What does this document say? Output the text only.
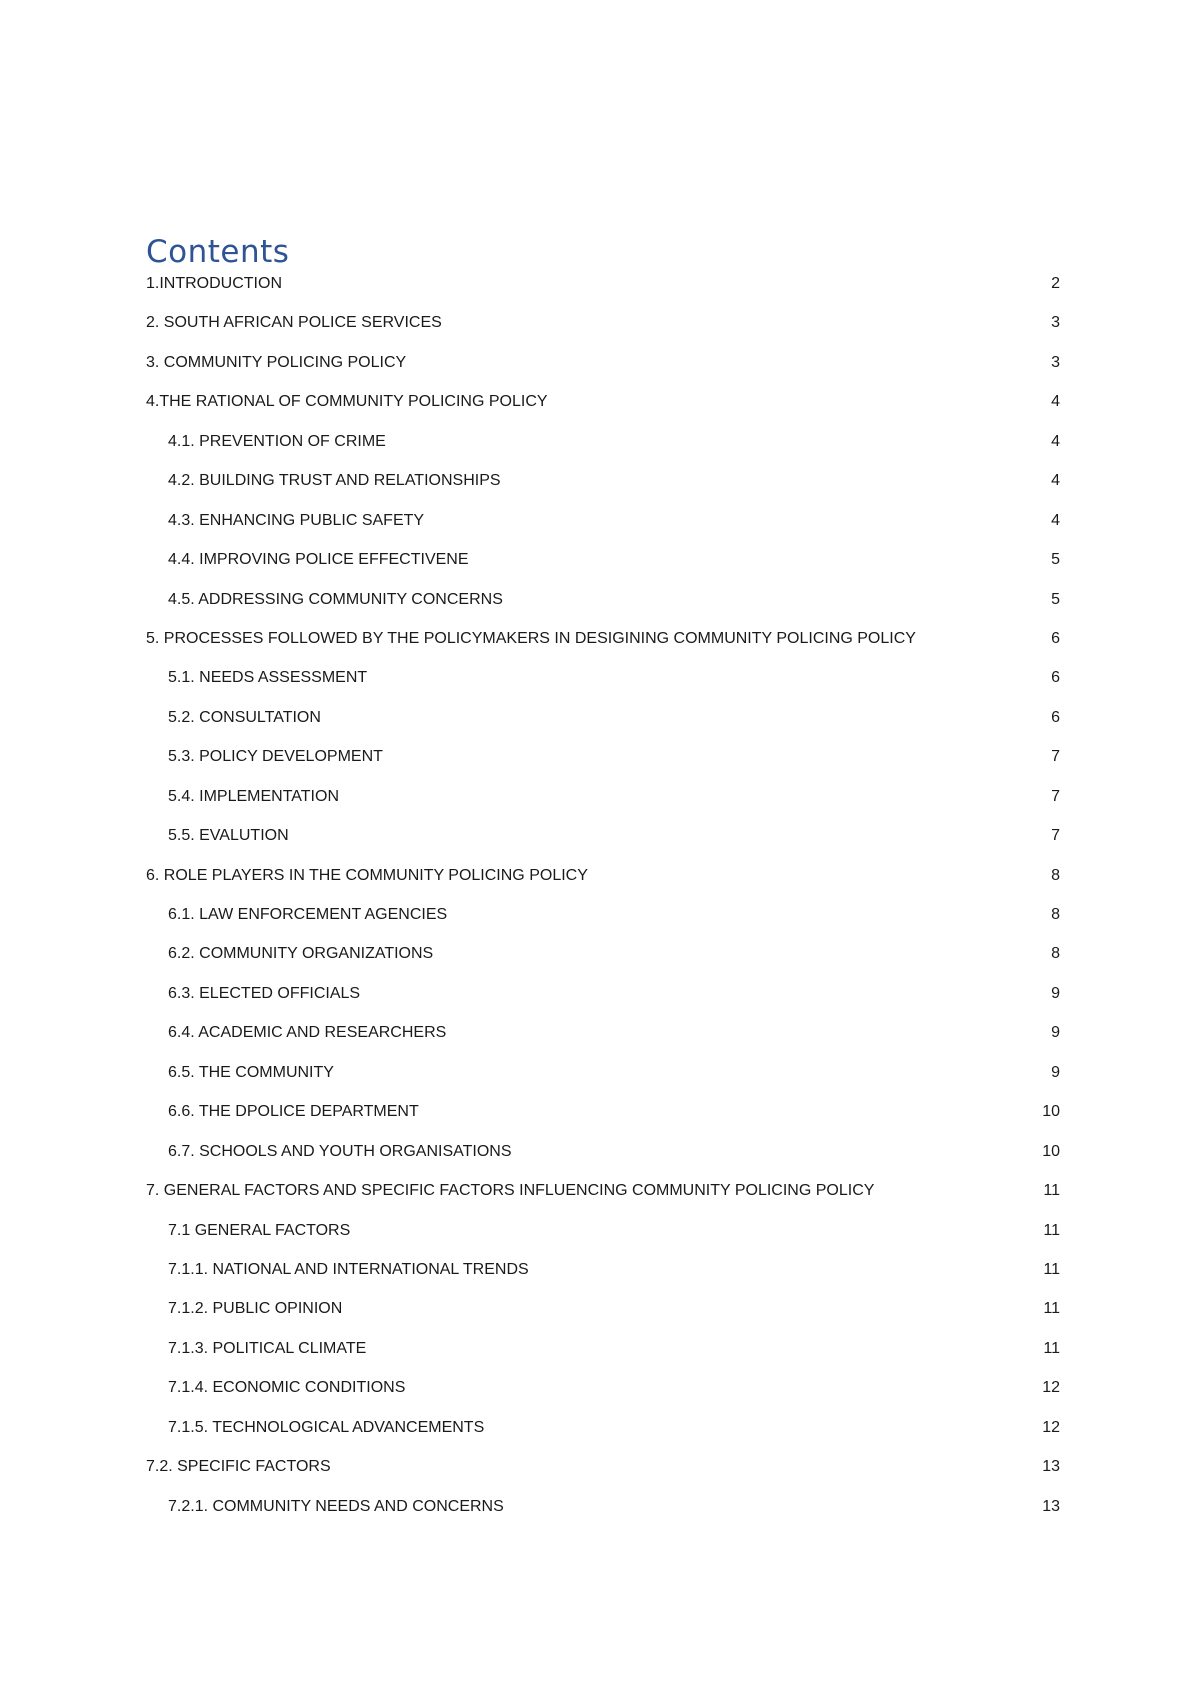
Contents
1.INTRODUCTION	2
2. SOUTH AFRICAN POLICE SERVICES	3
3. COMMUNITY POLICING POLICY	3
4.THE RATIONAL OF COMMUNITY POLICING POLICY	4
4.1. PREVENTION OF CRIME	4
4.2. BUILDING TRUST AND RELATIONSHIPS	4
4.3. ENHANCING PUBLIC SAFETY	4
4.4. IMPROVING POLICE EFFECTIVENE	5
4.5. ADDRESSING COMMUNITY CONCERNS	5
5. PROCESSES FOLLOWED BY THE POLICYMAKERS IN DESIGINING COMMUNITY POLICING POLICY	6
5.1. NEEDS ASSESSMENT	6
5.2. CONSULTATION	6
5.3. POLICY DEVELOPMENT	7
5.4. IMPLEMENTATION	7
5.5. EVALUTION	7
6. ROLE PLAYERS IN THE COMMUNITY POLICING POLICY	8
6.1. LAW ENFORCEMENT AGENCIES	8
6.2. COMMUNITY ORGANIZATIONS	8
6.3. ELECTED OFFICIALS	9
6.4. ACADEMIC AND RESEARCHERS	9
6.5. THE COMMUNITY	9
6.6. THE DPOLICE DEPARTMENT	10
6.7. SCHOOLS AND YOUTH ORGANISATIONS	10
7. GENERAL FACTORS AND SPECIFIC FACTORS INFLUENCING COMMUNITY POLICING POLICY	11
7.1 GENERAL FACTORS	11
7.1.1. NATIONAL AND INTERNATIONAL TRENDS	11
7.1.2. PUBLIC OPINION	11
7.1.3. POLITICAL CLIMATE	11
7.1.4. ECONOMIC CONDITIONS	12
7.1.5. TECHNOLOGICAL ADVANCEMENTS	12
7.2. SPECIFIC FACTORS	13
7.2.1. COMMUNITY NEEDS AND CONCERNS	13
